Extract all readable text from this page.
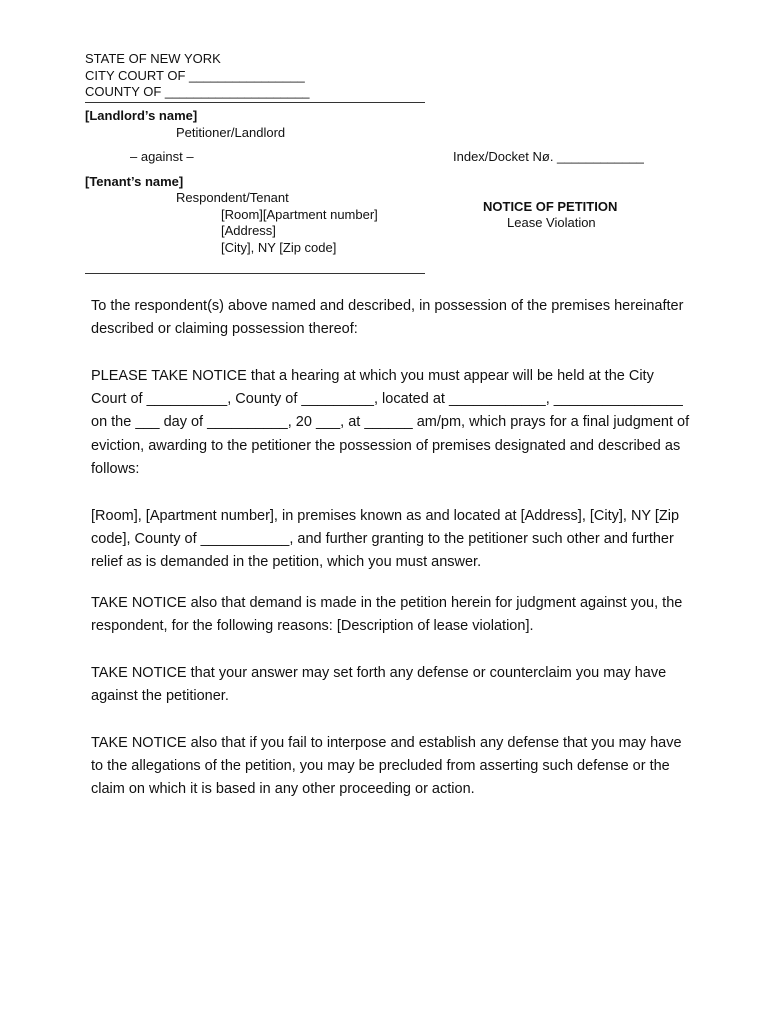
STATE OF NEW YORK
CITY COURT OF ________________
COUNTY OF ____________________
[Landlord’s name]
Petitioner/Landlord
– against –	Index/Docket Nø. ____________
[Tenant’s name]
Respondent/Tenant
[Room][Apartment number]
[Address]
[City], NY [Zip code]
NOTICE OF PETITION
Lease Violation

To the respondent(s) above named and described, in possession of the premises hereinafter described or claiming possession thereof:

PLEASE TAKE NOTICE that a hearing at which you must appear will be held at the City Court of __________, County of _________, located at ____________, ________________ on the ___ day of __________, 20 ___, at ______ am/pm, which prays for a final judgment of eviction, awarding to the petitioner the possession of premises designated and described as follows:

[Room], [Apartment number], in premises known as and located at [Address], [City], NY [Zip code], County of ___________, and further granting to the petitioner such other and further relief as is demanded in the petition, which you must answer.

TAKE NOTICE also that demand is made in the petition herein for judgment against you, the respondent, for the following reasons: [Description of lease violation].

TAKE NOTICE that your answer may set forth any defense or counterclaim you may have against the petitioner.

TAKE NOTICE also that if you fail to interpose and establish any defense that you may have to the allegations of the petition, you may be precluded from asserting such defense or the claim on which it is based in any other proceeding or action.
